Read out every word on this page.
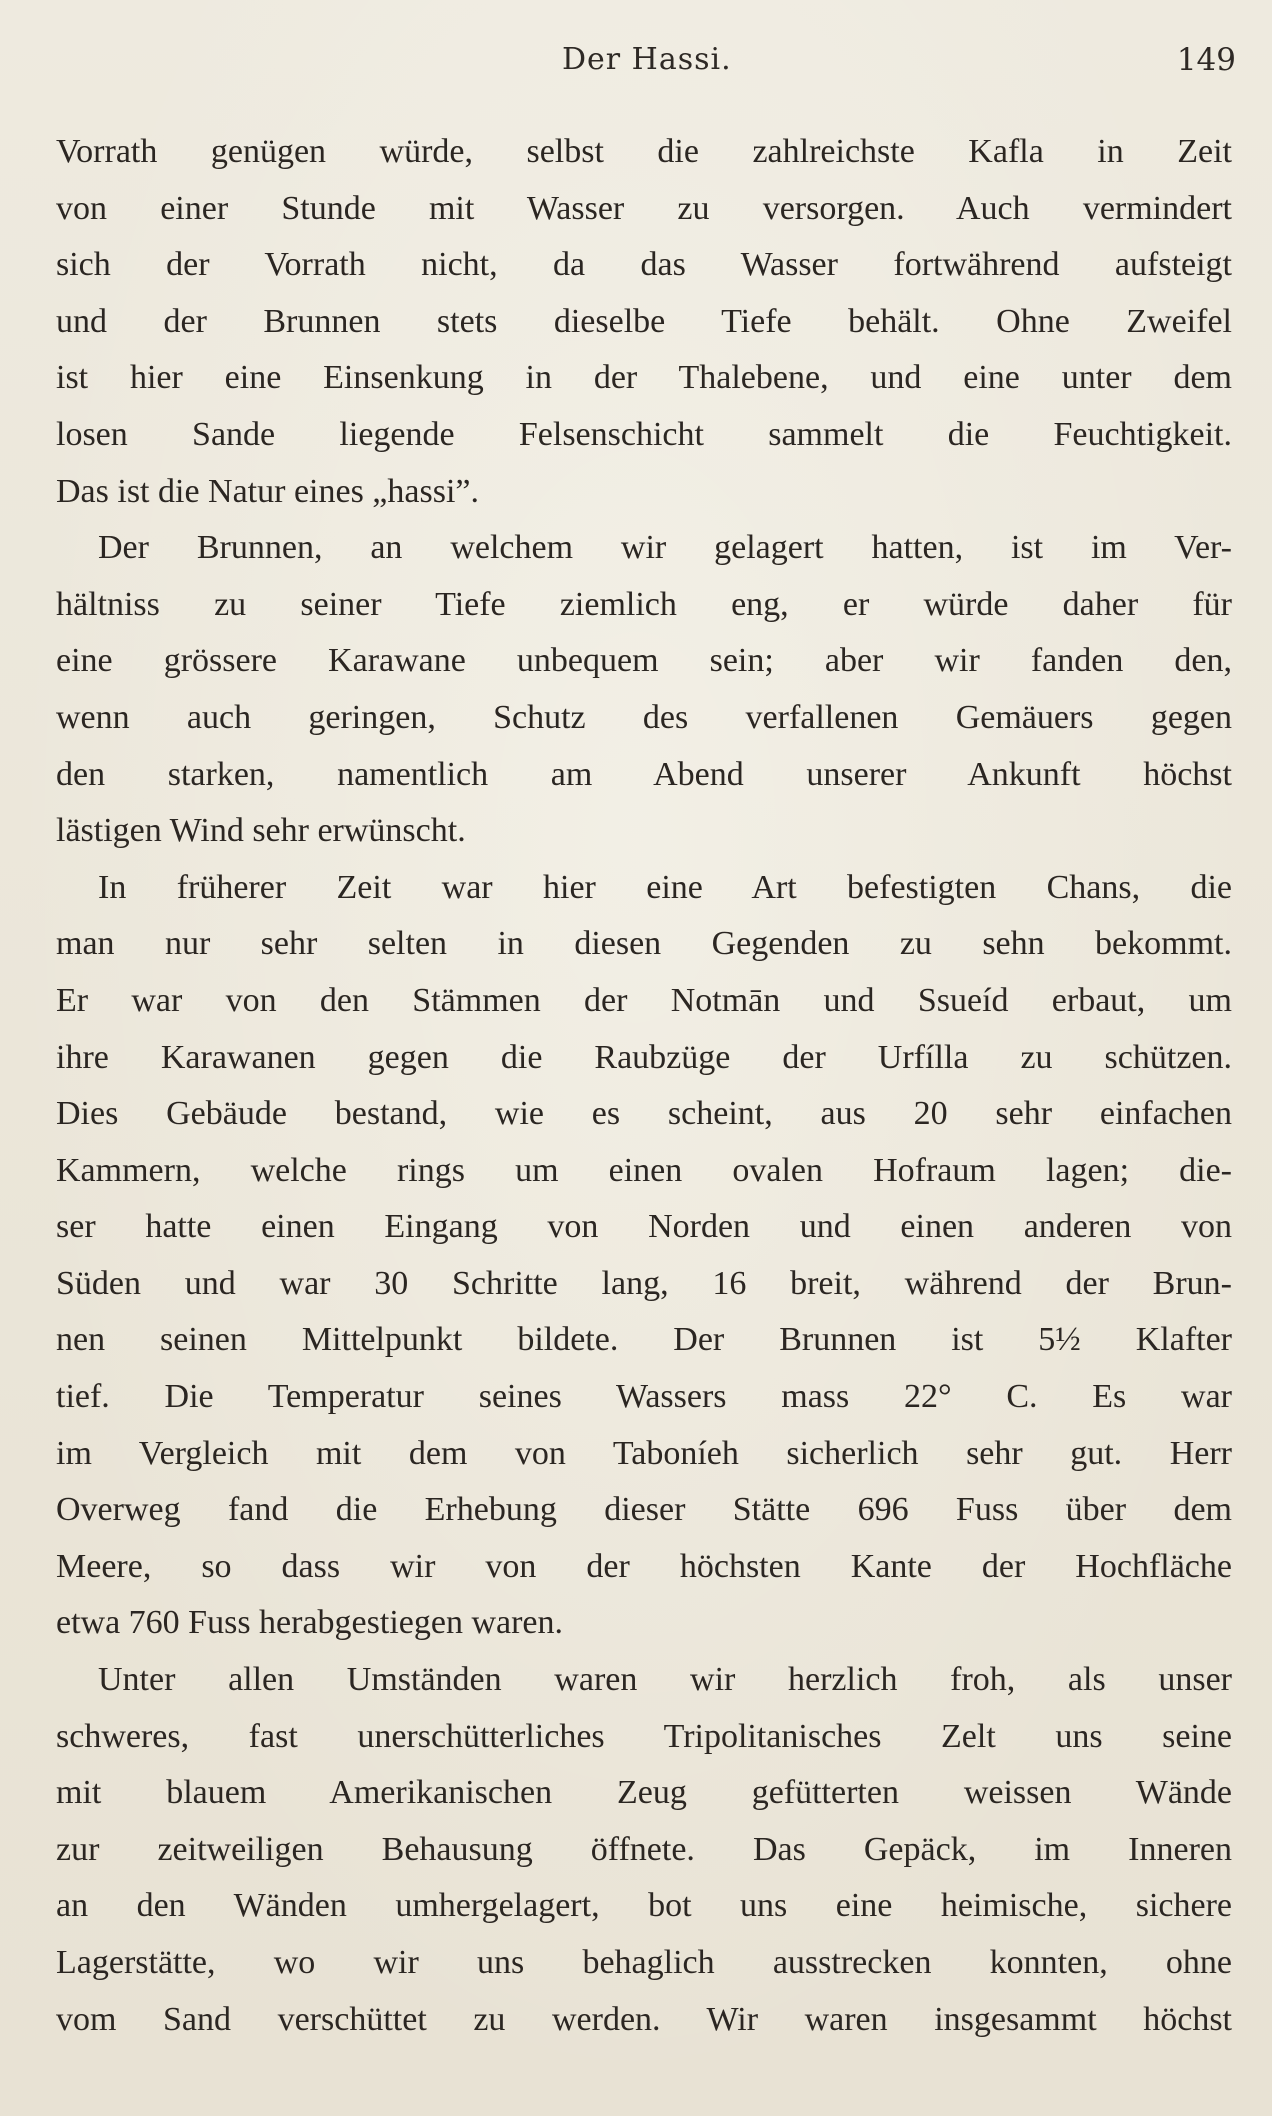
Der Hassi.	149
Vorrath genügen würde, selbst die zahlreichste Kafla in Zeit
von einer Stunde mit Wasser zu versorgen. Auch vermindert
sich der Vorrath nicht, da das Wasser fortwährend aufsteigt
und der Brunnen stets dieselbe Tiefe behält. Ohne Zweifel
ist hier eine Einsenkung in der Thalebene, und eine unter dem
losen Sande liegende Felsenschicht sammelt die Feuchtigkeit.
Das ist die Natur eines „hassi”.
Der Brunnen, an welchem wir gelagert hatten, ist im Ver-
hältniss zu seiner Tiefe ziemlich eng, er würde daher für
eine grössere Karawane unbequem sein; aber wir fanden den,
wenn auch geringen, Schutz des verfallenen Gemäuers gegen
den starken, namentlich am Abend unserer Ankunft höchst
lästigen Wind sehr erwünscht.
In früherer Zeit war hier eine Art befestigten Chans, die
man nur sehr selten in diesen Gegenden zu sehn bekommt.
Er war von den Stämmen der Notmān und Ssueíd erbaut, um
ihre Karawanen gegen die Raubzüge der Urfílla zu schützen.
Dies Gebäude bestand, wie es scheint, aus 20 sehr einfachen
Kammern, welche rings um einen ovalen Hofraum lagen; die-
ser hatte einen Eingang von Norden und einen anderen von
Süden und war 30 Schritte lang, 16 breit, während der Brun-
nen seinen Mittelpunkt bildete. Der Brunnen ist 5½ Klafter
tief. Die Temperatur seines Wassers mass 22° C. Es war
im Vergleich mit dem von Taboníeh sicherlich sehr gut. Herr
Overweg fand die Erhebung dieser Stätte 696 Fuss über dem
Meere, so dass wir von der höchsten Kante der Hochfläche
etwa 760 Fuss herabgestiegen waren.
Unter allen Umständen waren wir herzlich froh, als unser
schweres, fast unerschütterliches Tripolitanisches Zelt uns seine
mit blauem Amerikanischen Zeug gefütterten weissen Wände
zur zeitweiligen Behausung öffnete. Das Gepäck, im Inneren
an den Wänden umhergelagert, bot uns eine heimische, sichere
Lagerstätte, wo wir uns behaglich ausstrecken konnten, ohne
vom Sand verschüttet zu werden. Wir waren insgesammt höchst
